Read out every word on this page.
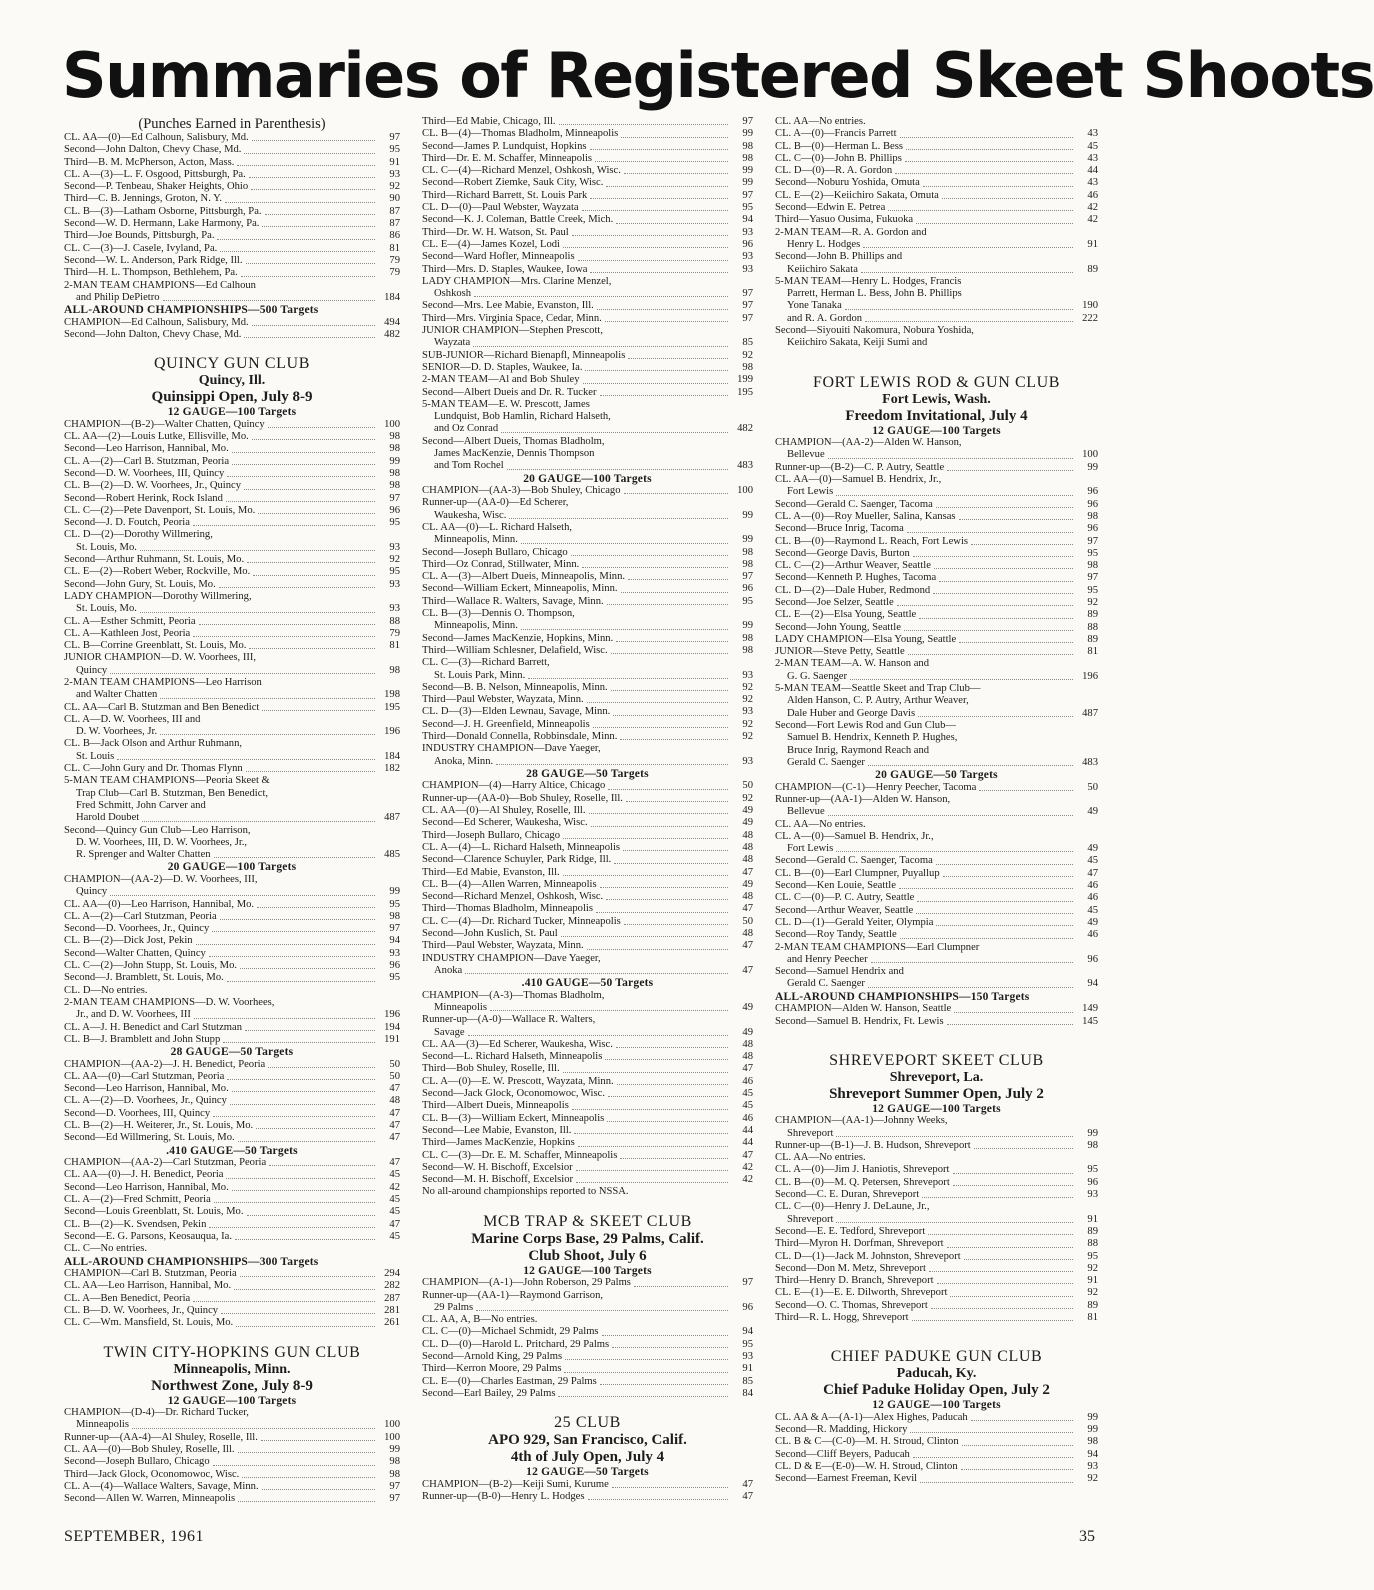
Summaries of Registered Skeet Shoots
(Punches Earned in Parenthesis)
CL. AA—(0)—Ed Calhoun, Salisbury, Md.	97
Second—John Dalton, Chevy Chase, Md.	95
Third—B. M. McPherson, Acton, Mass.	91
CL. A—(3)—L. F. Osgood, Pittsburgh, Pa.	93
Second—P. Tenbeau, Shaker Heights, Ohio	92
Third—C. B. Jennings, Groton, N. Y.	90
CL. B—(3)—Latham Osborne, Pittsburgh, Pa.	87
Second—W. D. Hermann, Lake Harmony, Pa.	87
Third—Joe Bounds, Pittsburgh, Pa.	86
CL. C—(3)—J. Casele, Ivyland, Pa.	81
Second—W. L. Anderson, Park Ridge, Ill.	79
Third—H. L. Thompson, Bethlehem, Pa.	79
2-MAN TEAM CHAMPIONS—Ed Calhoun
and Philip DePietro	184
ALL-AROUND CHAMPIONSHIPS—500 Targets
CHAMPION—Ed Calhoun, Salisbury, Md.	494
Second—John Dalton, Chevy Chase, Md.	482
QUINCY GUN CLUB
Quincy, Ill.
Quinsippi Open, July 8-9
12 GAUGE—100 Targets
CHAMPION—(B-2)—Walter Chatten, Quincy	100
CL. AA—(2)—Louis Lutke, Ellisville, Mo.	98
Second—Leo Harrison, Hannibal, Mo.	98
CL. A—(2)—Carl B. Stutzman, Peoria	99
Second—D. W. Voorhees, III, Quincy	98
CL. B—(2)—D. W. Voorhees, Jr., Quincy	98
Second—Robert Herink, Rock Island	97
CL. C—(2)—Pete Davenport, St. Louis, Mo.	96
Second—J. D. Foutch, Peoria	95
CL. D—(2)—Dorothy Willmering,
St. Louis, Mo.	93
Second—Arthur Ruhmann, St. Louis, Mo.	92
CL. E—(2)—Robert Weber, Rockville, Mo.	95
Second—John Gury, St. Louis, Mo.	93
LADY CHAMPION—Dorothy Willmering,
St. Louis, Mo.	93
CL. A—Esther Schmitt, Peoria	88
CL. A—Kathleen Jost, Peoria	79
CL. B—Corrine Greenblatt, St. Louis, Mo.	81
JUNIOR CHAMPION—D. W. Voorhees, III,
Quincy	98
2-MAN TEAM CHAMPIONS—Leo Harrison
and Walter Chatten	198
CL. AA—Carl B. Stutzman and Ben Benedict	195
CL. A—D. W. Voorhees, III and
D. W. Voorhees, Jr.	196
CL. B—Jack Olson and Arthur Ruhmann,
St. Louis	184
CL. C—John Gury and Dr. Thomas Flynn	182
5-MAN TEAM CHAMPIONS—Peoria Skeet &
Trap Club—Carl B. Stutzman, Ben Benedict,
Fred Schmitt, John Carver and
Harold Doubet	487
Second—Quincy Gun Club—Leo Harrison,
D. W. Voorhees, III, D. W. Voorhees, Jr.,
R. Sprenger and Walter Chatten	485
20 GAUGE—100 Targets
CHAMPION—(AA-2)—D. W. Voorhees, III,
Quincy	99
CL. AA—(0)—Leo Harrison, Hannibal, Mo.	95
CL. A—(2)—Carl Stutzman, Peoria	98
Second—D. Voorhees, Jr., Quincy	97
CL. B—(2)—Dick Jost, Pekin	94
Second—Walter Chatten, Quincy	93
CL. C—(2)—John Stupp, St. Louis, Mo.	96
Second—J. Bramblett, St. Louis, Mo.	95
CL. D—No entries.
2-MAN TEAM CHAMPIONS—D. W. Voorhees,
Jr., and D. W. Voorhees, III	196
CL. A—J. H. Benedict and Carl Stutzman	194
CL. B—J. Bramblett and John Stupp	191
28 GAUGE—50 Targets
CHAMPION—(AA-2)—J. H. Benedict, Peoria	50
CL. AA—(0)—Carl Stutzman, Peoria	50
Second—Leo Harrison, Hannibal, Mo.	47
CL. A—(2)—D. Voorhees, Jr., Quincy	48
Second—D. Voorhees, III, Quincy	47
CL. B—(2)—H. Weiterer, Jr., St. Louis, Mo.	47
Second—Ed Willmering, St. Louis, Mo.	47
.410 GAUGE—50 Targets
CHAMPION—(AA-2)—Carl Stutzman, Peoria	47
CL. AA—(0)—J. H. Benedict, Peoria	45
Second—Leo Harrison, Hannibal, Mo.	42
CL. A—(2)—Fred Schmitt, Peoria	45
Second—Louis Greenblatt, St. Louis, Mo.	45
CL. B—(2)—K. Svendsen, Pekin	47
Second—E. G. Parsons, Keosauqua, Ia.	45
CL. C—No entries.
ALL-AROUND CHAMPIONSHIPS—300 Targets
CHAMPION—Carl B. Stutzman, Peoria	294
CL. AA—Leo Harrison, Hannibal, Mo.	282
CL. A—Ben Benedict, Peoria	287
CL. B—D. W. Voorhees, Jr., Quincy	281
CL. C—Wm. Mansfield, St. Louis, Mo.	261
TWIN CITY-HOPKINS GUN CLUB
Minneapolis, Minn.
Northwest Zone, July 8-9
12 GAUGE—100 Targets
CHAMPION—(D-4)—Dr. Richard Tucker,
Minneapolis	100
Runner-up—(AA-4)—Al Shuley, Roselle, Ill.	100
CL. AA—(0)—Bob Shuley, Roselle, Ill.	99
Second—Joseph Bullaro, Chicago	98
Third—Jack Glock, Oconomowoc, Wisc.	98
CL. A—(4)—Wallace Walters, Savage, Minn.	97
Second—Allen W. Warren, Minneapolis	97
Third—Ed Mabie, Chicago, Ill.	97
CL. B—(4)—Thomas Bladholm, Minneapolis	99
Second—James P. Lundquist, Hopkins	98
Third—Dr. E. M. Schaffer, Minneapolis	98
CL. C—(4)—Richard Menzel, Oshkosh, Wisc.	99
Second—Robert Ziemke, Sauk City, Wisc.	99
Third—Richard Barrett, St. Louis Park	97
CL. D—(0)—Paul Webster, Wayzata	95
Second—K. J. Coleman, Battle Creek, Mich.	94
Third—Dr. W. H. Watson, St. Paul	93
CL. E—(4)—James Kozel, Lodi	96
Second—Ward Hofler, Minneapolis	93
Third—Mrs. D. Staples, Waukee, Iowa	93
LADY CHAMPION—Mrs. Clarine Menzel,
Oshkosh	97
Second—Mrs. Lee Mabie, Evanston, Ill.	97
Third—Mrs. Virginia Space, Cedar, Minn.	97
JUNIOR CHAMPION—Stephen Prescott,
Wayzata	85
SUB-JUNIOR—Richard Bienapfl, Minneapolis	92
SENIOR—D. D. Staples, Waukee, Ia.	98
2-MAN TEAM—Al and Bob Shuley	199
Second—Albert Dueis and Dr. R. Tucker	195
5-MAN TEAM—E. W. Prescott, James
Lundquist, Bob Hamlin, Richard Halseth,
and Oz Conrad	482
Second—Albert Dueis, Thomas Bladholm,
James MacKenzie, Dennis Thompson
and Tom Rochel	483
20 GAUGE—100 Targets
CHAMPION—(AA-3)—Bob Shuley, Chicago	100
Runner-up—(AA-0)—Ed Scherer,
Waukesha, Wisc.	99
CL. AA—(0)—L. Richard Halseth,
Minneapolis, Minn.	99
Second—Joseph Bullaro, Chicago	98
Third—Oz Conrad, Stillwater, Minn.	98
CL. A—(3)—Albert Dueis, Minneapolis, Minn.	97
Second—William Eckert, Minneapolis, Minn.	96
Third—Wallace R. Walters, Savage, Minn.	95
CL. B—(3)—Dennis O. Thompson,
Minneapolis, Minn.	99
Second—James MacKenzie, Hopkins, Minn.	98
Third—William Schlesner, Delafield, Wisc.	98
CL. C—(3)—Richard Barrett,
St. Louis Park, Minn.	93
Second—B. B. Nelson, Minneapolis, Minn.	92
Third—Paul Webster, Wayzata, Minn.	92
CL. D—(3)—Elden Lewnau, Savage, Minn.	93
Second—J. H. Greenfield, Minneapolis	92
Third—Donald Connella, Robbinsdale, Minn.	92
INDUSTRY CHAMPION—Dave Yaeger,
Anoka, Minn.	93
28 GAUGE—50 Targets
CHAMPION—(4)—Harry Altice, Chicago	50
Runner-up—(AA-0)—Bob Shuley, Roselle, Ill.	92
CL. AA—(0)—Al Shuley, Roselle, Ill.	49
Second—Ed Scherer, Waukesha, Wisc.	49
Third—Joseph Bullaro, Chicago	48
CL. A—(4)—L. Richard Halseth, Minneapolis	48
Second—Clarence Schuyler, Park Ridge, Ill.	48
Third—Ed Mabie, Evanston, Ill.	47
CL. B—(4)—Allen Warren, Minneapolis	49
Second—Richard Menzel, Oshkosh, Wisc.	48
Third—Thomas Bladholm, Minneapolis	47
CL. C—(4)—Dr. Richard Tucker, Minneapolis	50
Second—John Kuslich, St. Paul	48
Third—Paul Webster, Wayzata, Minn.	47
INDUSTRY CHAMPION—Dave Yaeger,
Anoka	47
.410 GAUGE—50 Targets
CHAMPION—(A-3)—Thomas Bladholm,
Minneapolis	49
Runner-up—(A-0)—Wallace R. Walters,
Savage	49
CL. AA—(3)—Ed Scherer, Waukesha, Wisc.	48
Second—L. Richard Halseth, Minneapolis	48
Third—Bob Shuley, Roselle, Ill.	47
CL. A—(0)—E. W. Prescott, Wayzata, Minn.	46
Second—Jack Glock, Oconomowoc, Wisc.	45
Third—Albert Dueis, Minneapolis	45
CL. B—(3)—William Eckert, Minneapolis	46
Second—Lee Mabie, Evanston, Ill.	44
Third—James MacKenzie, Hopkins	44
CL. C—(3)—Dr. E. M. Schaffer, Minneapolis	47
Second—W. H. Bischoff, Excelsior	42
Second—M. H. Bischoff, Excelsior	42
No all-around championships reported to NSSA.
MCB TRAP & SKEET CLUB
Marine Corps Base, 29 Palms, Calif.
Club Shoot, July 6
12 GAUGE—100 Targets
CHAMPION—(A-1)—John Roberson, 29 Palms	97
Runner-up—(AA-1)—Raymond Garrison,
29 Palms	96
CL. AA, A, B—No entries.
CL. C—(0)—Michael Schmidt, 29 Palms	94
CL. D—(0)—Harold L. Pritchard, 29 Palms	95
Second—Arnold King, 29 Palms	93
Third—Kerron Moore, 29 Palms	91
CL. E—(0)—Charles Eastman, 29 Palms	85
Second—Earl Bailey, 29 Palms	84
25 CLUB
APO 929, San Francisco, Calif.
4th of July Open, July 4
12 GAUGE—50 Targets
CHAMPION—(B-2)—Keiji Sumi, Kurume	47
Runner-up—(B-0)—Henry L. Hodges	47
CL. AA—No entries.
CL. A—(0)—Francis Parrett	43
CL. B—(0)—Herman L. Bess	45
CL. C—(0)—John B. Phillips	43
CL. D—(0)—R. A. Gordon	44
Second—Noburu Yoshida, Omuta	43
CL. E—(2)—Keiichiro Sakata, Omuta	46
Second—Edwin E. Petrea	42
Third—Yasuo Ousima, Fukuoka	42
2-MAN TEAM—R. A. Gordon and
Henry L. Hodges	91
Second—John B. Phillips and
Keiichiro Sakata	89
5-MAN TEAM—Henry L. Hodges, Francis
Parrett, Herman L. Bess, John B. Phillips
Yone Tanaka	190
and R. A. Gordon	222
Second—Siyouiti Nakomura, Nobura Yoshida,
Keiichiro Sakata, Keiji Sumi and
FORT LEWIS ROD & GUN CLUB
Fort Lewis, Wash.
Freedom Invitational, July 4
12 GAUGE—100 Targets
CHAMPION—(AA-2)—Alden W. Hanson,
Bellevue	100
Runner-up—(B-2)—C. P. Autry, Seattle	99
CL. AA—(0)—Samuel B. Hendrix, Jr.,
Fort Lewis	96
Second—Gerald C. Saenger, Tacoma	96
CL. A—(0)—Roy Mueller, Salina, Kansas	98
Second—Bruce Inrig, Tacoma	96
CL. B—(0)—Raymond L. Reach, Fort Lewis	97
Second—George Davis, Burton	95
CL. C—(2)—Arthur Weaver, Seattle	98
Second—Kenneth P. Hughes, Tacoma	97
CL. D—(2)—Dale Huber, Redmond	95
Second—Joe Selzer, Seattle	92
CL. E—(2)—Elsa Young, Seattle	89
Second—John Young, Seattle	88
LADY CHAMPION—Elsa Young, Seattle	89
JUNIOR—Steve Petty, Seattle	81
2-MAN TEAM—A. W. Hanson and
G. G. Saenger	196
5-MAN TEAM—Seattle Skeet and Trap Club—
Alden Hanson, C. P. Autry, Arthur Weaver,
Dale Huber and George Davis	487
Second—Fort Lewis Rod and Gun Club—
Samuel B. Hendrix, Kenneth P. Hughes,
Bruce Inrig, Raymond Reach and
Gerald C. Saenger	483
20 GAUGE—50 Targets
CHAMPION—(C-1)—Henry Peecher, Tacoma	50
Runner-up—(AA-1)—Alden W. Hanson,
Bellevue	49
CL. AA—No entries.
CL. A—(0)—Samuel B. Hendrix, Jr.,
Fort Lewis	49
Second—Gerald C. Saenger, Tacoma	45
CL. B—(0)—Earl Clumpner, Puyallup	47
Second—Ken Louie, Seattle	46
CL. C—(0)—P. C. Autry, Seattle	46
Second—Arthur Weaver, Seattle	45
CL. D—(1)—Gerald Yeiter, Olympia	49
Second—Roy Tandy, Seattle	46
2-MAN TEAM CHAMPIONS—Earl Clumpner
and Henry Peecher	96
Second—Samuel Hendrix and
Gerald C. Saenger	94
ALL-AROUND CHAMPIONSHIPS—150 Targets
CHAMPION—Alden W. Hanson, Seattle	149
Second—Samuel B. Hendrix, Ft. Lewis	145
SHREVEPORT SKEET CLUB
Shreveport, La.
Shreveport Summer Open, July 2
12 GAUGE—100 Targets
CHAMPION—(AA-1)—Johnny Weeks,
Shreveport	99
Runner-up—(B-1)—J. B. Hudson, Shreveport	98
CL. AA—No entries.
CL. A—(0)—Jim J. Haniotis, Shreveport	95
CL. B—(0)—M. Q. Petersen, Shreveport	96
Second—C. E. Duran, Shreveport	93
CL. C—(0)—Henry J. DeLaune, Jr.,
Shreveport	91
Second—E. E. Tedford, Shreveport	89
Third—Myron H. Dorfman, Shreveport	88
CL. D—(1)—Jack M. Johnston, Shreveport	95
Second—Don M. Metz, Shreveport	92
Third—Henry D. Branch, Shreveport	91
CL. E—(1)—E. E. Dilworth, Shreveport	92
Second—O. C. Thomas, Shreveport	89
Third—R. L. Hogg, Shreveport	81
CHIEF PADUKE GUN CLUB
Paducah, Ky.
Chief Paduke Holiday Open, July 2
12 GAUGE—100 Targets
CL. AA & A—(A-1)—Alex Highes, Paducah	99
Second—R. Madding, Hickory	99
CL. B & C—(C-0)—M. H. Stroud, Clinton	98
Second—Cliff Beyers, Paducah	94
CL. D & E—(E-0)—W. H. Stroud, Clinton	93
Second—Earnest Freeman, Kevil	92
SEPTEMBER, 1961	35
